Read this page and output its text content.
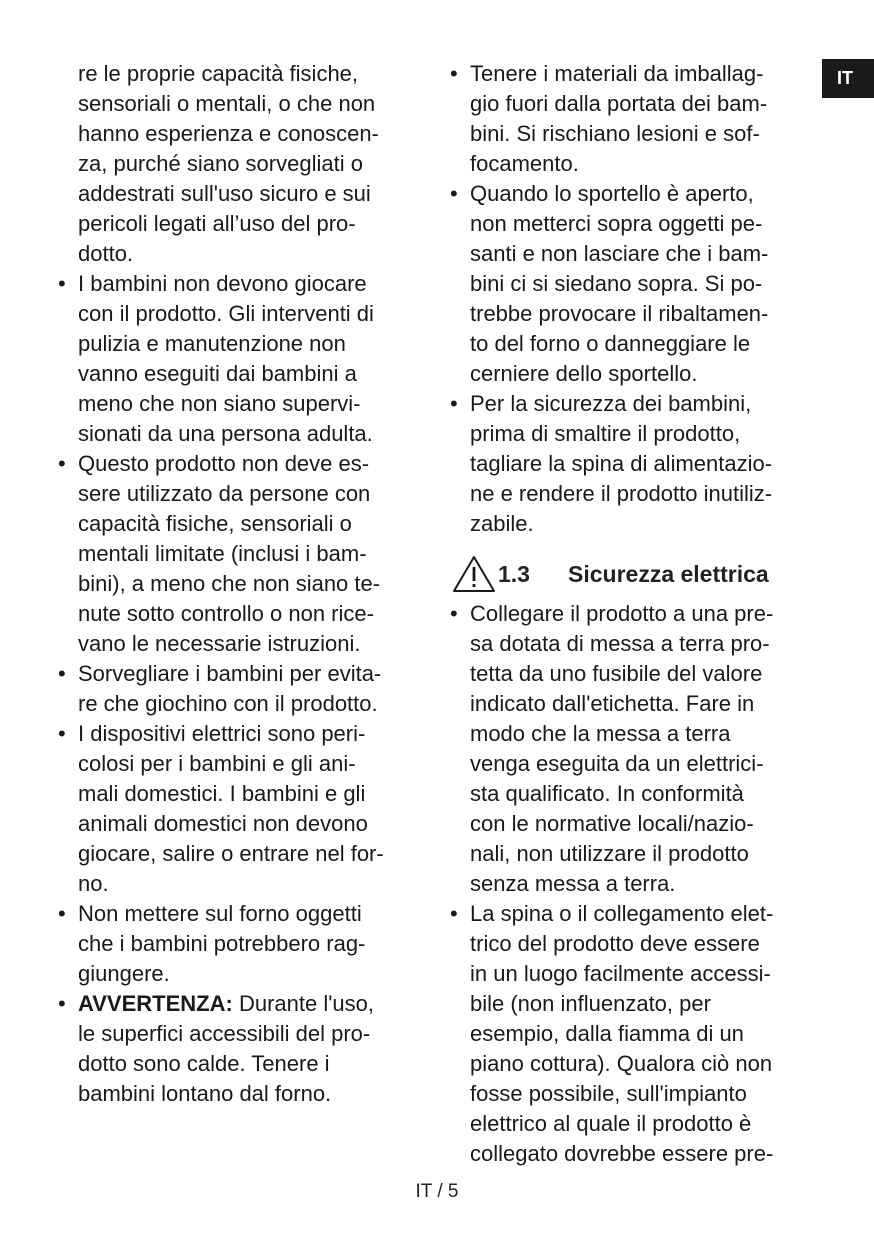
IT
re le proprie capacità fisiche,
sensoriali o mentali, o che non
hanno esperienza e conoscen-
za, purché siano sorvegliati o
addestrati sull'uso sicuro e sui
pericoli legati all’uso del pro-
dotto.
• I bambini non devono giocare
con il prodotto. Gli interventi di
pulizia e manutenzione non
vanno eseguiti dai bambini a
meno che non siano supervi-
sionati da una persona adulta.
• Questo prodotto non deve es-
sere utilizzato da persone con
capacità fisiche, sensoriali o
mentali limitate (inclusi i bam-
bini), a meno che non siano te-
nute sotto controllo o non rice-
vano le necessarie istruzioni.
• Sorvegliare i bambini per evita-
re che giochino con il prodotto.
• I dispositivi elettrici sono peri-
colosi per i bambini e gli ani-
mali domestici. I bambini e gli
animali domestici non devono
giocare, salire o entrare nel for-
no.
• Non mettere sul forno oggetti
che i bambini potrebbero rag-
giungere.
• AVVERTENZA: Durante l'uso,
le superfici accessibili del pro-
dotto sono calde. Tenere i
bambini lontano dal forno.
• Tenere i materiali da imballag-
gio fuori dalla portata dei bam-
bini. Si rischiano lesioni e sof-
focamento.
• Quando lo sportello è aperto,
non metterci sopra oggetti pe-
santi e non lasciare che i bam-
bini ci si siedano sopra. Si po-
trebbe provocare il ribaltamen-
to del forno o danneggiare le
cerniere dello sportello.
• Per la sicurezza dei bambini,
prima di smaltire il prodotto,
tagliare la spina di alimentazio-
ne e rendere il prodotto inutiliz-
zabile.
1.3	Sicurezza elettrica
• Collegare il prodotto a una pre-
sa dotata di messa a terra pro-
tetta da uno fusibile del valore
indicato dall'etichetta. Fare in
modo che la messa a terra
venga eseguita da un elettrici-
sta qualificato. In conformità
con le normative locali/nazio-
nali, non utilizzare il prodotto
senza messa a terra.
• La spina o il collegamento elet-
trico del prodotto deve essere
in un luogo facilmente accessi-
bile (non influenzato, per
esempio, dalla fiamma di un
piano cottura). Qualora ciò non
fosse possibile, sull'impianto
elettrico al quale il prodotto è
collegato dovrebbe essere pre-
IT / 5
